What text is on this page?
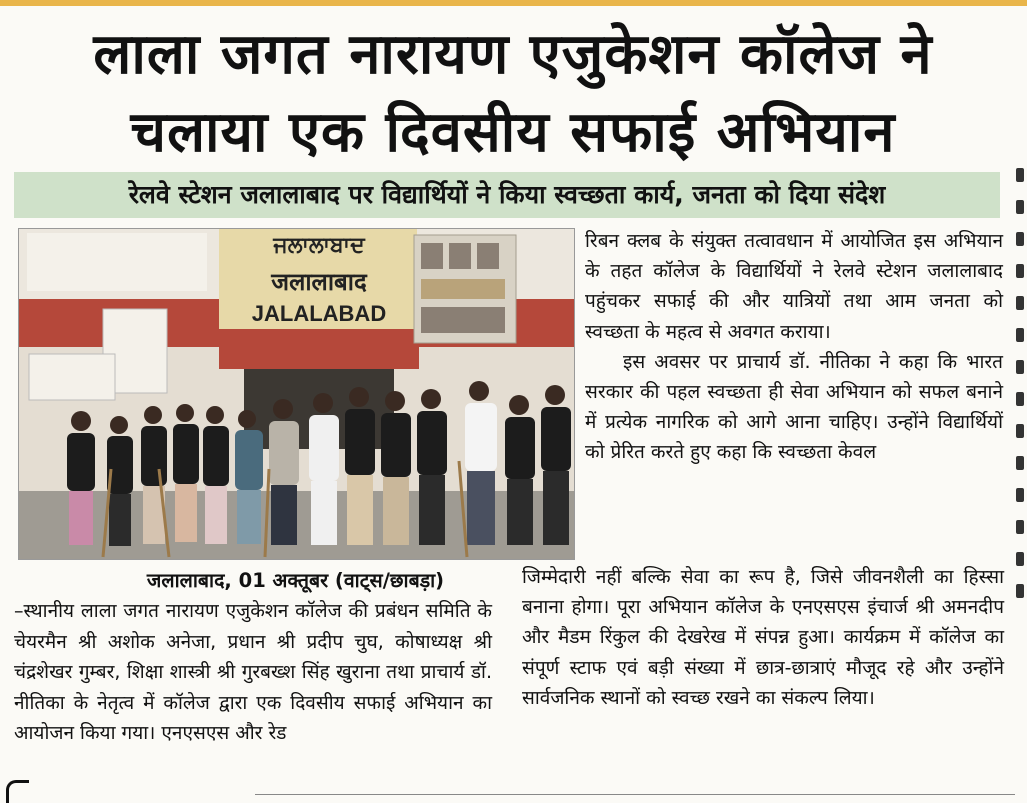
लाला जगत नारायण एजुकेशन कॉलेज ने
चलाया एक दिवसीय सफाई अभियान
रेलवे स्टेशन जलालाबाद पर विद्यार्थियों ने किया स्वच्छता कार्य, जनता को दिया संदेश
ਜਲਾਲਾਬਾਦ
जलालाबाद
JALALABAD

रिबन क्लब के संयुक्त तत्वावधान में आयोजित इस अभियान के तहत कॉलेज के विद्यार्थियों ने रेलवे स्टेशन जलालाबाद पहुंचकर सफाई की और यात्रियों तथा आम जनता को स्वच्छता के महत्व से अवगत कराया।

इस अवसर पर प्राचार्य डॉ. नीतिका ने कहा कि भारत सरकार की पहल स्वच्छता ही सेवा अभियान को सफल बनाने में प्रत्येक नागरिक को आगे आना चाहिए। उन्होंने विद्यार्थियों को प्रेरित करते हुए कहा कि स्वच्छता केवल

जलालाबाद, 01 अक्तूबर (वाट्स/छाबड़ा)
–स्थानीय लाला जगत नारायण एजुकेशन कॉलेज की प्रबंधन समिति के चेयरमैन श्री अशोक अनेजा, प्रधान श्री प्रदीप चुघ, कोषाध्यक्ष श्री चंद्रशेखर गुम्बर, शिक्षा शास्त्री श्री गुरबख्श सिंह खुराना तथा प्राचार्य डॉ. नीतिका के नेतृत्व में कॉलेज द्वारा एक दिवसीय सफाई अभियान का आयोजन किया गया। एनएसएस और रेड
जिम्मेदारी नहीं बल्कि सेवा का रूप है, जिसे जीवनशैली का हिस्सा बनाना होगा। पूरा अभियान कॉलेज के एनएसएस इंचार्ज श्री अमनदीप और मैडम रिंकुल की देखरेख में संपन्न हुआ। कार्यक्रम में कॉलेज का संपूर्ण स्टाफ एवं बड़ी संख्या में छात्र-छात्राएं मौजूद रहे और उन्होंने सार्वजनिक स्थानों को स्वच्छ रखने का संकल्प लिया।
